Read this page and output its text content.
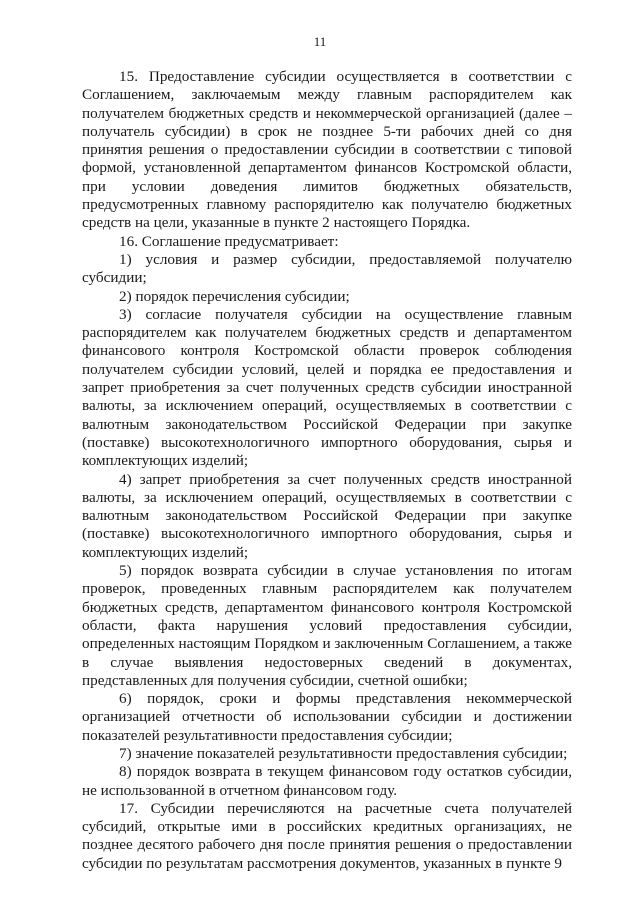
11

15. Предоставление субсидии осуществляется в соответствии с Соглашением, заключаемым между главным распорядителем как получателем бюджетных средств и некоммерческой организацией (далее – получатель субсидии) в срок не позднее 5-ти рабочих дней со дня принятия решения о предоставлении субсидии в соответствии с типовой формой, установленной департаментом финансов Костромской области, при условии доведения лимитов бюджетных обязательств, предусмотренных главному распорядителю как получателю бюджетных средств на цели, указанные в пункте 2 настоящего Порядка.

16. Соглашение предусматривает:

1) условия и размер субсидии, предоставляемой получателю субсидии;

2) порядок перечисления субсидии;

3) согласие получателя субсидии на осуществление главным распорядителем как получателем бюджетных средств и департаментом финансового контроля Костромской области проверок соблюдения получателем субсидии условий, целей и порядка ее предоставления и запрет приобретения за счет полученных средств субсидии иностранной валюты, за исключением операций, осуществляемых в соответствии с валютным законодательством Российской Федерации при закупке (поставке) высокотехнологичного импортного оборудования, сырья и комплектующих изделий;

4) запрет приобретения за счет полученных средств иностранной валюты, за исключением операций, осуществляемых в соответствии с валютным законодательством Российской Федерации при закупке (поставке) высокотехнологичного импортного оборудования, сырья и комплектующих изделий;

5) порядок возврата субсидии в случае установления по итогам проверок, проведенных главным распорядителем как получателем бюджетных средств, департаментом финансового контроля Костромской области, факта нарушения условий предоставления субсидии, определенных настоящим Порядком и заключенным Соглашением, а также в случае выявления недостоверных сведений в документах, представленных для получения субсидии, счетной ошибки;

6) порядок, сроки и формы представления некоммерческой организацией отчетности об использовании субсидии и достижении показателей результативности предоставления субсидии;

7) значение показателей результативности предоставления субсидии;

8) порядок возврата в текущем финансовом году остатков субсидии, не использованной в отчетном финансовом году.

17. Субсидии перечисляются на расчетные счета получателей субсидий, открытые ими в российских кредитных организациях, не позднее десятого рабочего дня после принятия решения о предоставлении субсидии по результатам рассмотрения документов, указанных в пункте 9
